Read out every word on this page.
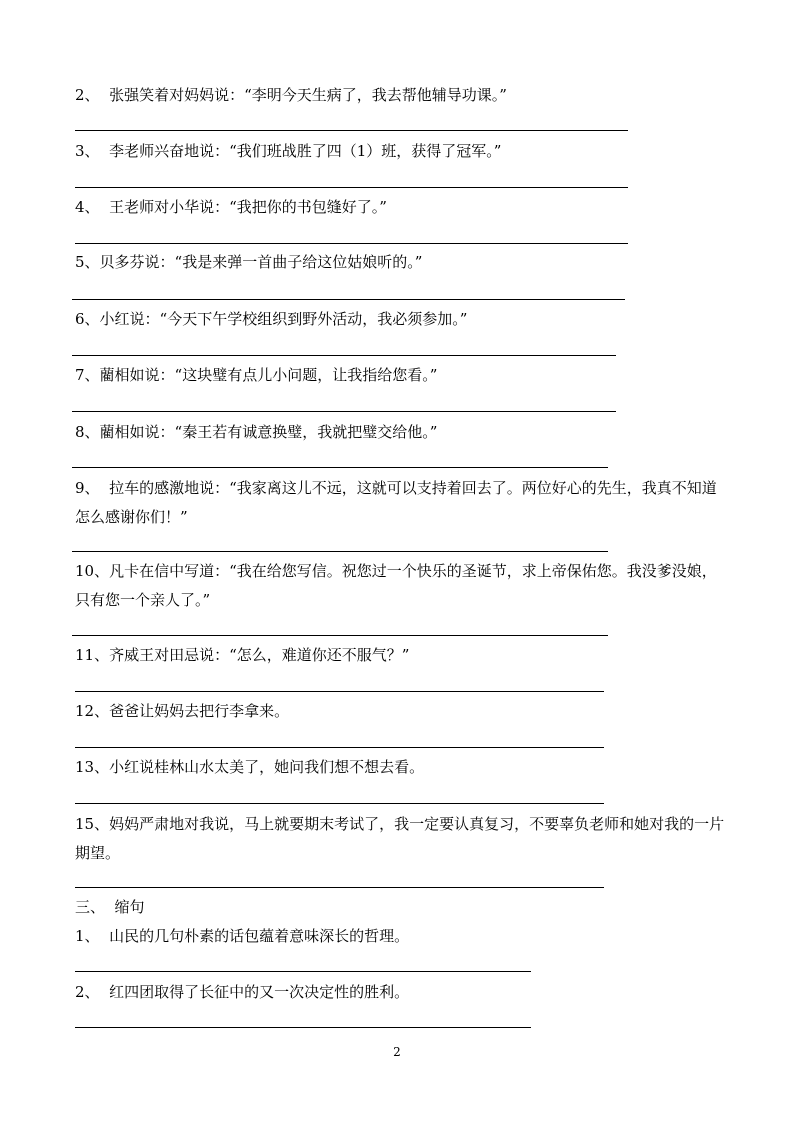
2、  张强笑着对妈妈说：“李明今天生病了，我去帮他辅导功课。”

3、  李老师兴奋地说：“我们班战胜了四（1）班，获得了冠军。”

4、  王老师对小华说：“我把你的书包缝好了。”

5、贝多芬说：“我是来弹一首曲子给这位姑娘听的。”

6、小红说：“今天下午学校组织到野外活动，我必须参加。”

7、藺相如说：“这块璧有点儿小问题，让我指给您看。”

8、藺相如说：“秦王若有诚意换璧，我就把璧交给他。”

9、  拉车的感激地说：“我家离这儿不远，这就可以支持着回去了。两位好心的先生，我真不知道怎么感谢你们！”

10、凡卡在信中写道：“我在给您写信。祝您过一个快乐的圣诞节，求上帝保佑您。我没爹没娘，只有您一个亲人了。”

11、齐威王对田忌说：“怎么，难道你还不服气？”

12、爸爸让妈妈去把行李拿来。

13、小红说桂林山水太美了，她问我们想不想去看。

15、妈妈严肃地对我说，马上就要期末考试了，我一定要认真复习，不要辜负老师和她对我的一片期望。

三、  缩句

1、  山民的几句朴素的话包蕴着意味深长的哲理。

2、  红四团取得了长征中的又一次决定性的胜利。

2
